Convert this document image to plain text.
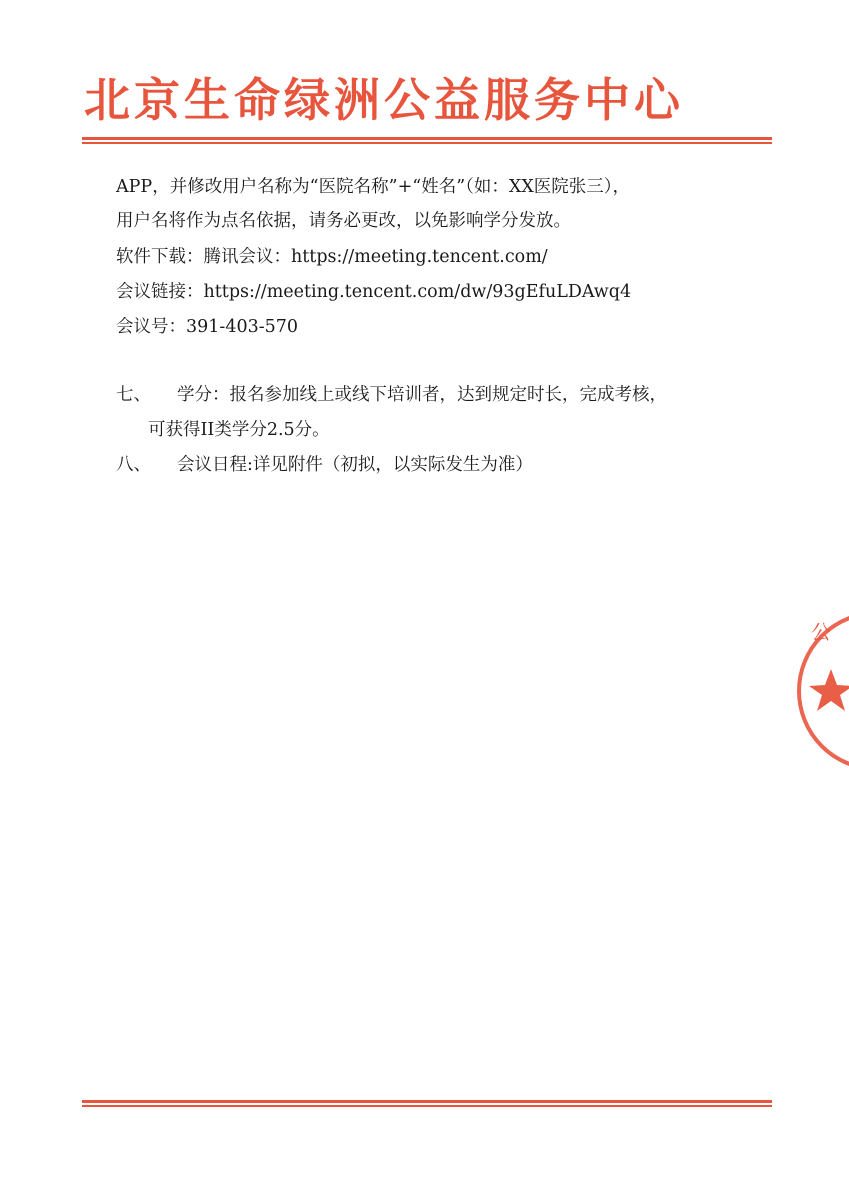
北京生命绿洲公益服务中心
APP，并修改用户名称为“医院名称”+“姓名”（如：XX医院张三），
用户名将作为点名依据，请务必更改，以免影响学分发放。
软件下载：腾讯会议：https://meeting.tencent.com/
会议链接：https://meeting.tencent.com/dw/93gEfuLDAwq4
会议号：391-403-570
七、 学分：报名参加线上或线下培训者，达到规定时长，完成考核，
可获得II类学分2.5分。
八、 会议日程:详见附件（初拟，以实际发生为准）
公
